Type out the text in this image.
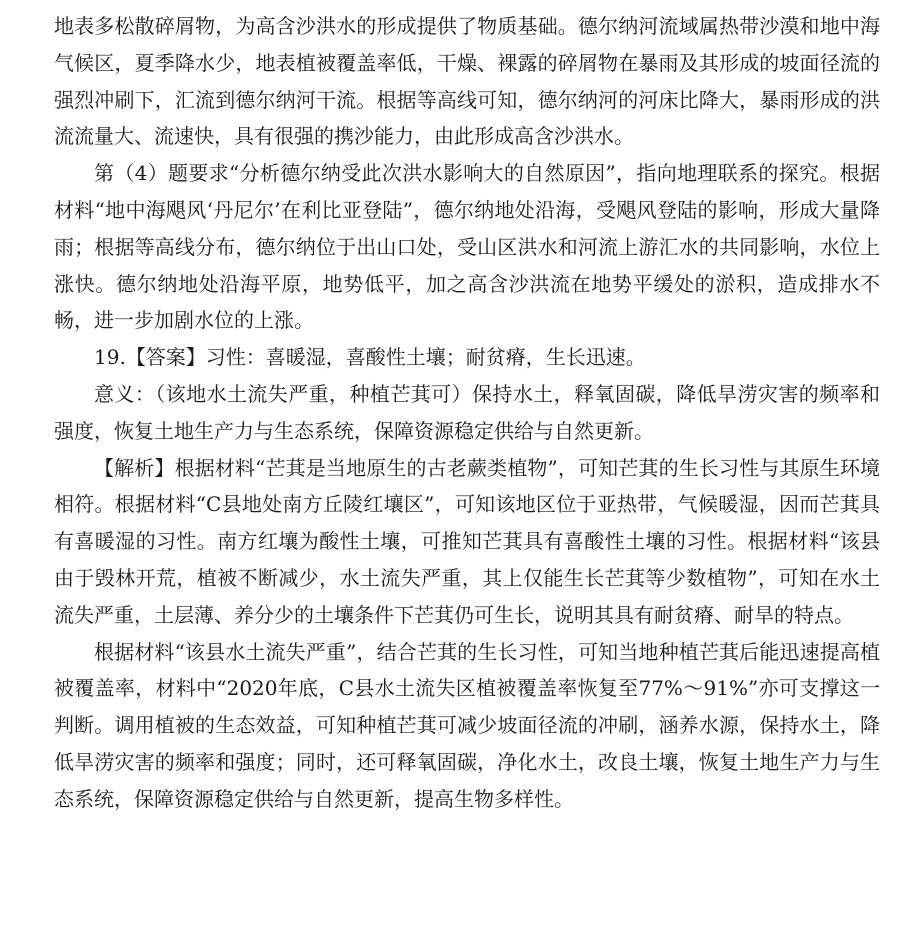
地表多松散碎屑物，为高含沙洪水的形成提供了物质基础。德尔纳河流域属热带沙漠和地中海气候区，夏季降水少，地表植被覆盖率低，干燥、裸露的碎屑物在暴雨及其形成的坡面径流的强烈冲刷下，汇流到德尔纳河干流。根据等高线可知，德尔纳河的河床比降大，暴雨形成的洪流流量大、流速快，具有很强的携沙能力，由此形成高含沙洪水。

第（4）题要求“分析德尔纳受此次洪水影响大的自然原因”，指向地理联系的探究。根据材料“地中海飓风‘丹尼尔’在利比亚登陆”，德尔纳地处沿海，受飓风登陆的影响，形成大量降雨；根据等高线分布，德尔纳位于出山口处，受山区洪水和河流上游汇水的共同影响，水位上涨快。德尔纳地处沿海平原，地势低平，加之高含沙洪流在地势平缓处的淤积，造成排水不畅，进一步加剧水位的上涨。

19.【答案】习性：喜暖湿，喜酸性土壤；耐贫瘠，生长迅速。

意义：（该地水土流失严重，种植芒萁可）保持水土，释氧固碳，降低旱涝灾害的频率和强度，恢复土地生产力与生态系统，保障资源稳定供给与自然更新。

【解析】根据材料“芒萁是当地原生的古老蕨类植物”，可知芒萁的生长习性与其原生环境相符。根据材料“C县地处南方丘陵红壤区”，可知该地区位于亚热带，气候暖湿，因而芒萁具有喜暖湿的习性。南方红壤为酸性土壤，可推知芒萁具有喜酸性土壤的习性。根据材料“该县由于毁林开荒，植被不断减少，水土流失严重，其上仅能生长芒萁等少数植物”，可知在水土流失严重，土层薄、养分少的土壤条件下芒萁仍可生长，说明其具有耐贫瘠、耐旱的特点。

根据材料“该县水土流失严重”，结合芒萁的生长习性，可知当地种植芒萁后能迅速提高植被覆盖率，材料中“2020年底，C县水土流失区植被覆盖率恢复至77%～91%”亦可支撑这一判断。调用植被的生态效益，可知种植芒萁可减少坡面径流的冲刷，涵养水源，保持水土，降低旱涝灾害的频率和强度；同时，还可释氧固碳，净化水土，改良土壤，恢复土地生产力与生态系统，保障资源稳定供给与自然更新，提高生物多样性。
